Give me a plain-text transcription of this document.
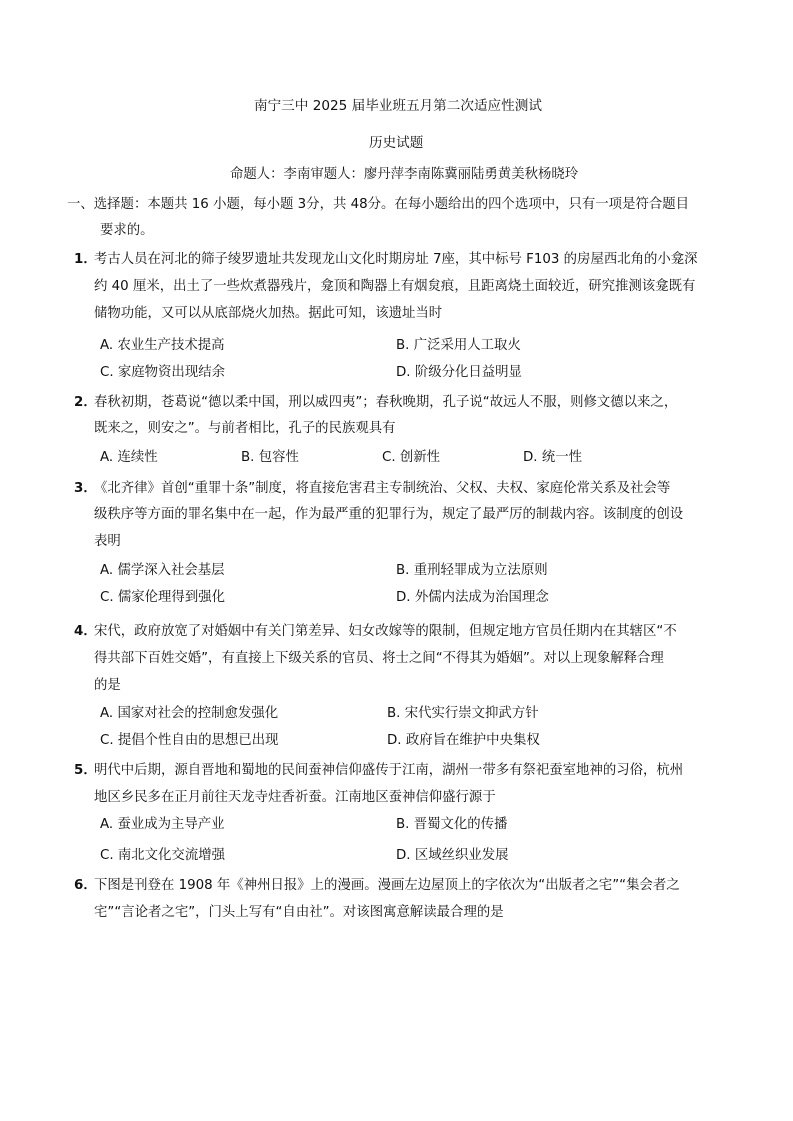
南宁三中 2025 届毕业班五月第二次适应性测试
历史试题
命题人：李南审题人：廖丹萍李南陈冀丽陆勇黄美秋杨晓玲
一、选择题：本题共 16 小题，每小题 3分，共 48分。在每小题给出的四个选项中，只有一项是符合题目
要求的。
1．
考古人员在河北的筛子绫罗遗址共发现龙山文化时期房址 7座，其中标号 F103 的房屋西北角的小龛深
约 40 厘米，出土了一些炊煮器残片，龛顶和陶器上有烟炱痕，且距离烧土面较近，研究推测该龛既有
储物功能，又可以从底部烧火加热。据此可知，该遗址当时
A. 农业生产技术提高	B. 广泛采用人工取火
C. 家庭物资出现结余	D. 阶级分化日益明显
2．
春秋初期，苍葛说“德以柔中国，刑以威四夷”；春秋晚期，孔子说“故远人不服，则修文德以来之，
既来之，则安之”。与前者相比，孔子的民族观具有
A. 连续性	B. 包容性	C. 创新性	D. 统一性
3．
《北齐律》首创“重罪十条”制度，将直接危害君主专制统治、父权、夫权、家庭伦常关系及社会等
级秩序等方面的罪名集中在一起，作为最严重的犯罪行为，规定了最严厉的制裁内容。该制度的创设
表明
A. 儒学深入社会基层	B. 重刑轻罪成为立法原则
C. 儒家伦理得到强化	D. 外儒内法成为治国理念
4．
宋代，政府放宽了对婚姻中有关门第差异、妇女改嫁等的限制，但规定地方官员任期内在其辖区“不
得共部下百姓交婚”，有直接上下级关系的官员、将士之间“不得其为婚姻”。对以上现象解释合理
的是
A. 国家对社会的控制愈发强化	B. 宋代实行崇文抑武方针
C. 提倡个性自由的思想已出现	D. 政府旨在维护中央集权
5．
明代中后期，源自晋地和蜀地的民间蚕神信仰盛传于江南，湖州一带多有祭祀蚕室地神的习俗，杭州
地区乡民多在正月前往天龙寺炷香祈蚕。江南地区蚕神信仰盛行源于
A. 蚕业成为主导产业	B. 晋蜀文化的传播
C. 南北文化交流增强	D. 区域丝织业发展
6．
下图是刊登在 1908 年《神州日报》上的漫画。漫画左边屋顶上的字依次为“出版者之宅”“集会者之
宅”“言论者之宅”，门头上写有“自由社”。对该图寓意解读最合理的是
